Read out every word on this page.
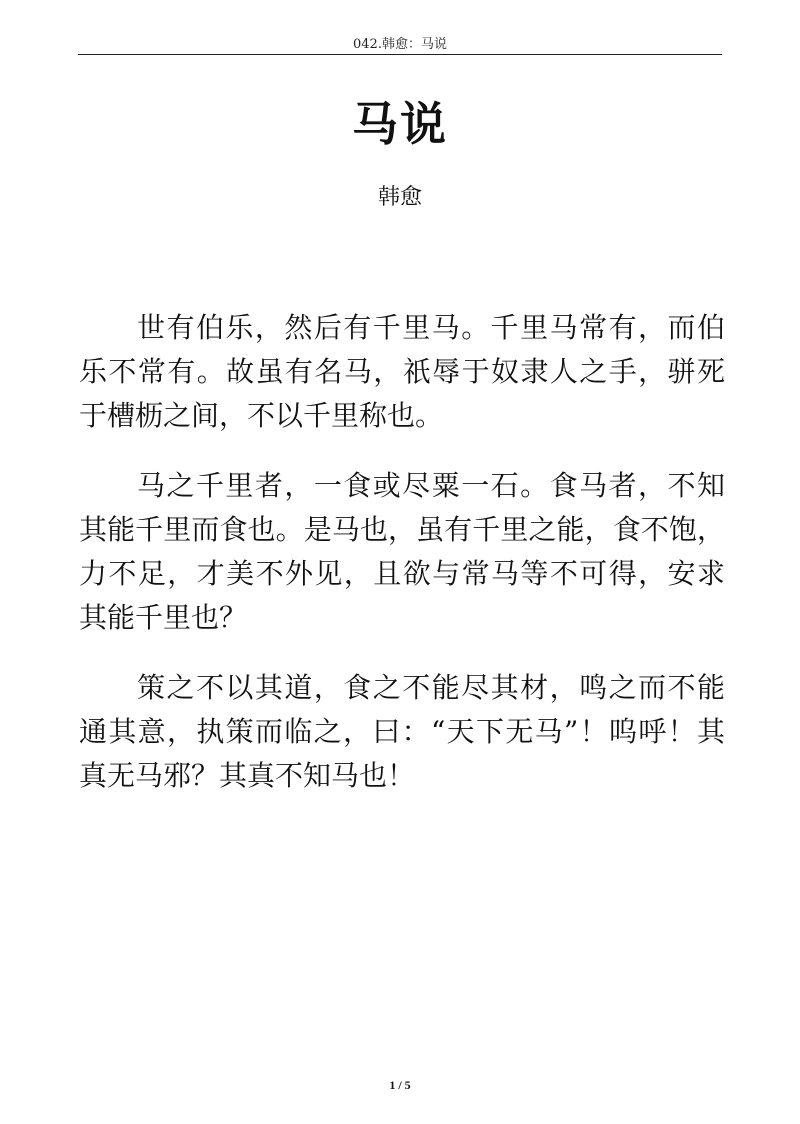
042.韩愈：马说
马说
韩愈
世有伯乐，然后有千里马。千里马常有，而伯
乐不常有。故虽有名马，祇辱于奴隶人之手，骈死
于槽枥之间，不以千里称也。
马之千里者，一食或尽粟一石。食马者，不知
其能千里而食也。是马也，虽有千里之能，食不饱，
力不足，才美不外见，且欲与常马等不可得，安求
其能千里也？
策之不以其道，食之不能尽其材，鸣之而不能
通其意，执策而临之，曰：“天下无马”！呜呼！其
真无马邪？其真不知马也！
1 / 5
